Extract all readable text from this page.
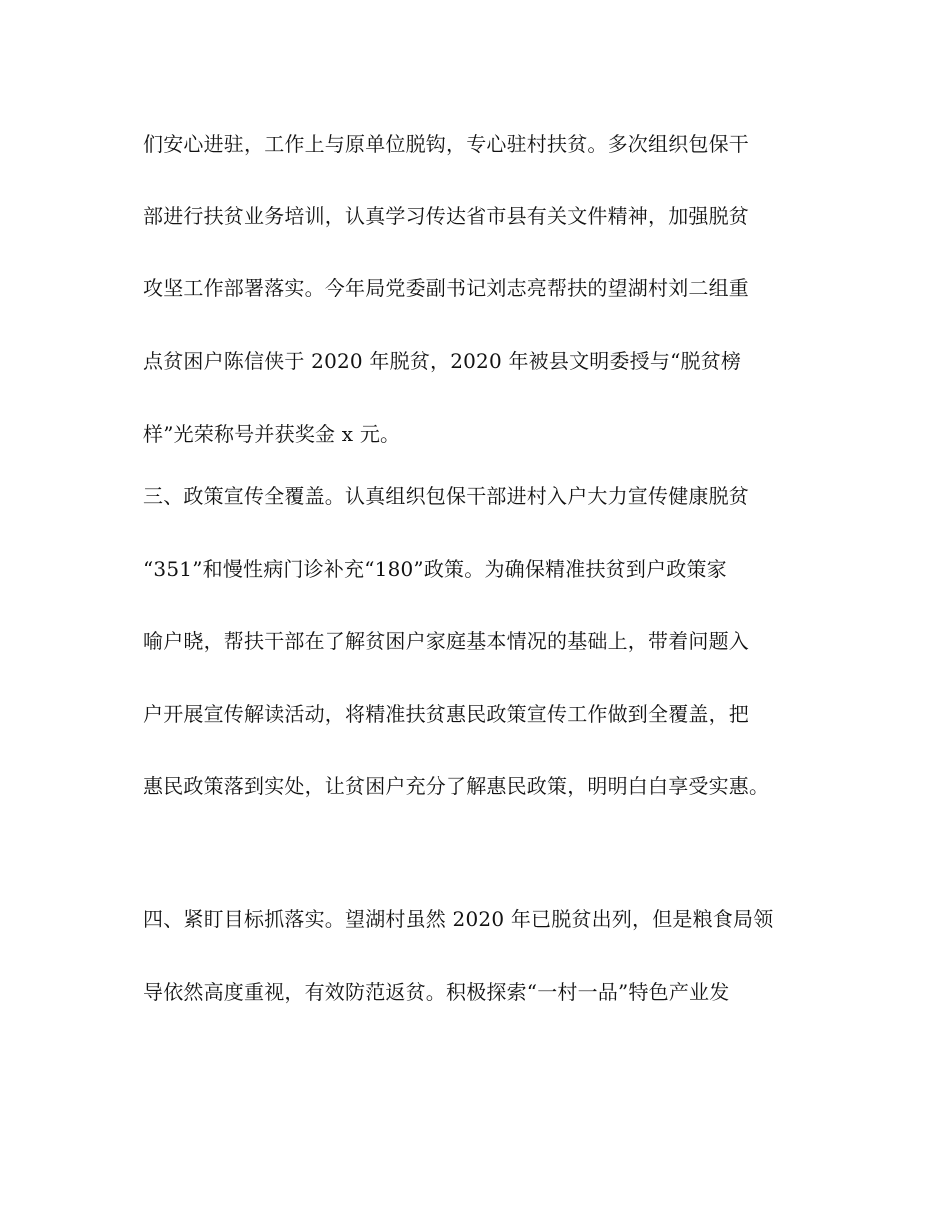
们安心进驻，工作上与原单位脱钩，专心驻村扶贫。多次组织包保干
部进行扶贫业务培训，认真学习传达省市县有关文件精神，加强脱贫
攻坚工作部署落实。今年局党委副书记刘志亮帮扶的望湖村刘二组重
点贫困户陈信侠于 2020 年脱贫，2020 年被县文明委授与“脱贫榜
样”光荣称号并获奖金 x 元。
三、政策宣传全覆盖。认真组织包保干部进村入户大力宣传健康脱贫
“351”和慢性病门诊补充“180”政策。为确保精准扶贫到户政策家
喻户晓，帮扶干部在了解贫困户家庭基本情况的基础上，带着问题入
户开展宣传解读活动，将精准扶贫惠民政策宣传工作做到全覆盖，把
惠民政策落到实处，让贫困户充分了解惠民政策，明明白白享受实惠。
四、紧盯目标抓落实。望湖村虽然 2020 年已脱贫出列，但是粮食局领
导依然高度重视，有效防范返贫。积极探索“一村一品”特色产业发
